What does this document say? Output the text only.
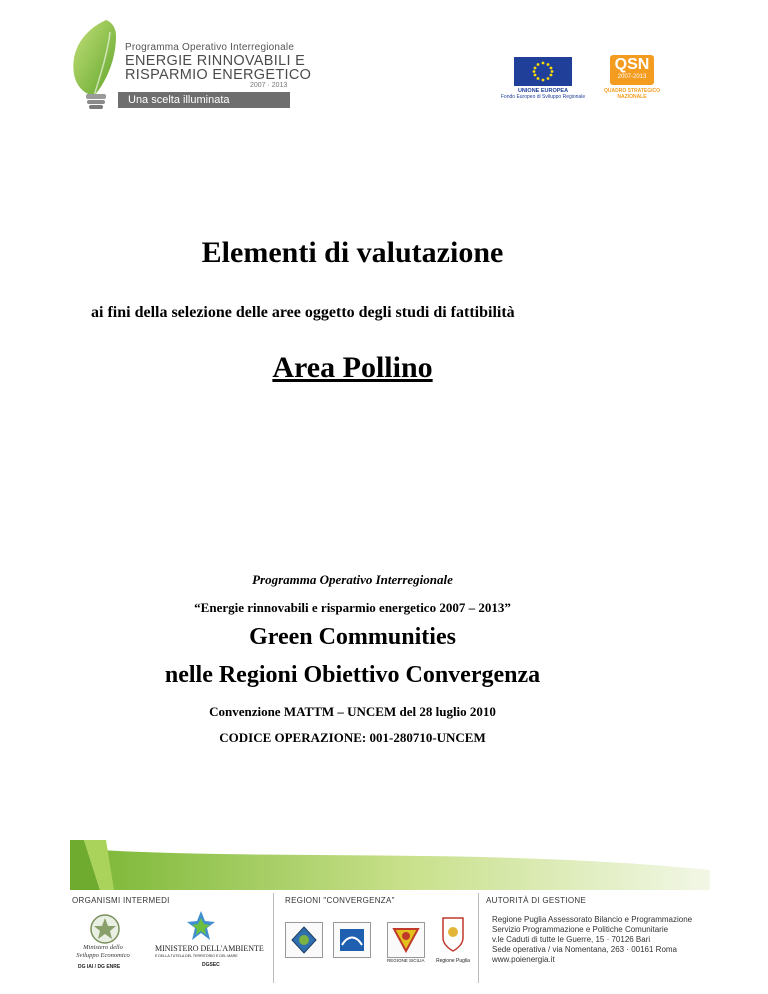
Programma Operativo Interregionale
ENERGIE RINNOVABILI E
RISPARMIO ENERGETICO
2007 · 2013
Una scelta illuminata
UNIONE EUROPEA
Fondo Europeo di Sviluppo Regionale
QSN
2007-2013
QUADRO STRATEGICO NAZIONALE
Elementi di valutazione
ai fini della selezione delle aree oggetto degli studi di fattibilità
Area Pollino
Programma Operativo Interregionale
“Energie rinnovabili e risparmio energetico 2007 – 2013”
Green Communities
nelle Regioni Obiettivo Convergenza
Convenzione MATTM – UNCEM del 28 luglio 2010
CODICE OPERAZIONE: 001-280710-UNCEM
ORGANISMI INTERMEDI	REGIONI "CONVERGENZA"	AUTORITÀ DI GESTIONE
Ministero dello Sviluppo Economico
DG IAI / DG ENRE
MINISTERO DELL'AMBIENTE
E DELLA TUTELA DEL TERRITORIO E DEL MARE
DGSEC
REGIONE SICILIA Regione Puglia
Regione Puglia Assessorato Bilancio e Programmazione
Servizio Programmazione e Politiche Comunitarie
v.le Caduti di tutte le Guerre, 15 · 70126 Bari
Sede operativa / via Nomentana, 263 · 00161 Roma
www.poienergia.it
